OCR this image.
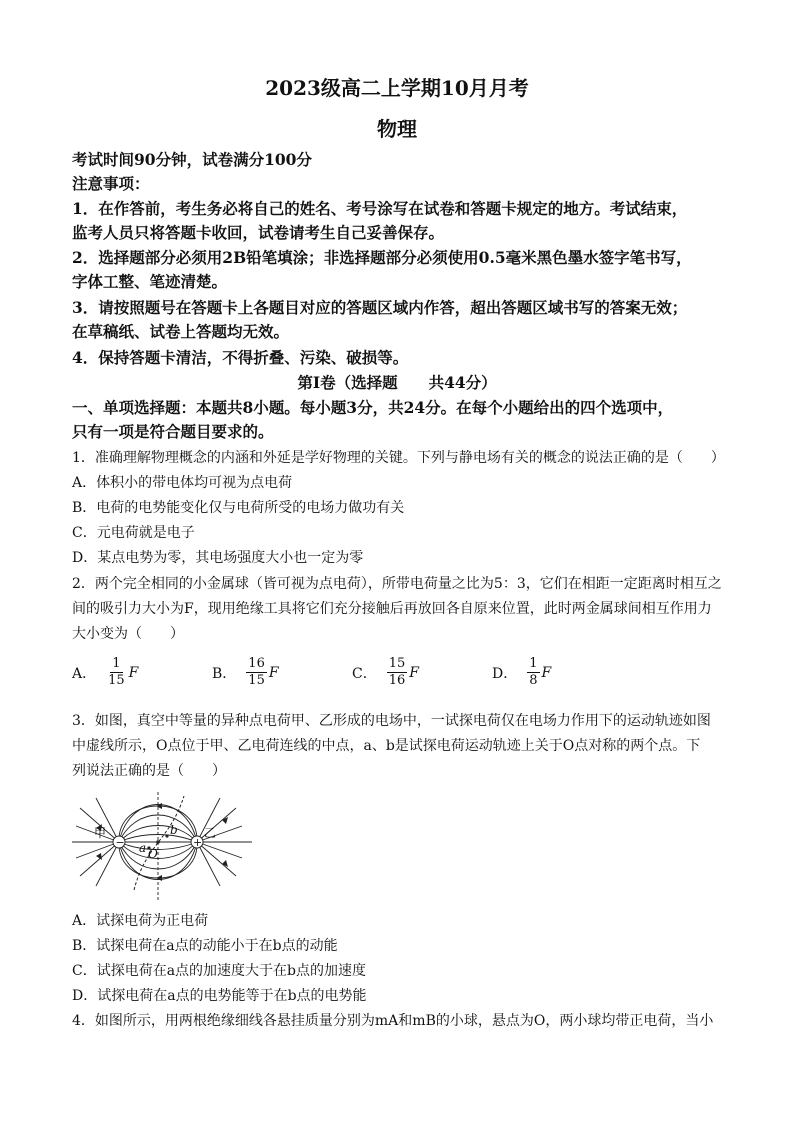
2023级高二上学期10月月考
物理
考试时间90分钟，试卷满分100分
注意事项：
1．在作答前，考生务必将自己的姓名、考号涂写在试卷和答题卡规定的地方。考试结束，
监考人员只将答题卡收回，试卷请考生自己妥善保存。
2．选择题部分必须用2B铅笔填涂；非选择题部分必须使用0.5毫米黑色墨水签字笔书写，
字体工整、笔迹清楚。
3．请按照题号在答题卡上各题目对应的答题区域内作答，超出答题区域书写的答案无效；
在草稿纸、试卷上答题均无效。
4．保持答题卡清洁，不得折叠、污染、破损等。
第Ⅰ卷（选择题　　共44分）
一、单项选择题：本题共8小题。每小题3分，共24分。在每个小题给出的四个选项中，
只有一项是符合题目要求的。
1．准确理解物理概念的内涵和外延是学好物理的关键。下列与静电场有关的概念的说法正确的是（　　）
A．体积小的带电体均可视为点电荷
B．电荷的电势能变化仅与电荷所受的电场力做功有关
C．元电荷就是电子
D．某点电势为零，其电场强度大小也一定为零
2．两个完全相同的小金属球（皆可视为点电荷），所带电荷量之比为5：3，它们在相距一定距离时相互之
间的吸引力大小为F，现用绝缘工具将它们充分接触后再放回各自原来位置，此时两金属球间相互作用力
大小变为（　　）
A． $\frac{1}{15}$ F	B． $\frac{16}{15}$ F	C． $\frac{15}{16}$ F	D． $\frac{1}{8}$ F
3．如图，真空中等量的异种点电荷甲、乙形成的电场中，一试探电荷仅在电场力作用下的运动轨迹如图
中虚线所示，O点位于甲、乙电荷连线的中点，a、b是试探电荷运动轨迹上关于O点对称的两个点。下
列说法正确的是（　　）
−	+
甲	乙
O
a
b
A．试探电荷为正电荷
B．试探电荷在a点的动能小于在b点的动能
C．试探电荷在a点的加速度大于在b点的加速度
D．试探电荷在a点的电势能等于在b点的电势能
4．如图所示，用两根绝缘细线各悬挂质量分别为mA和mB的小球，悬点为O，两小球均带正电荷，当小
